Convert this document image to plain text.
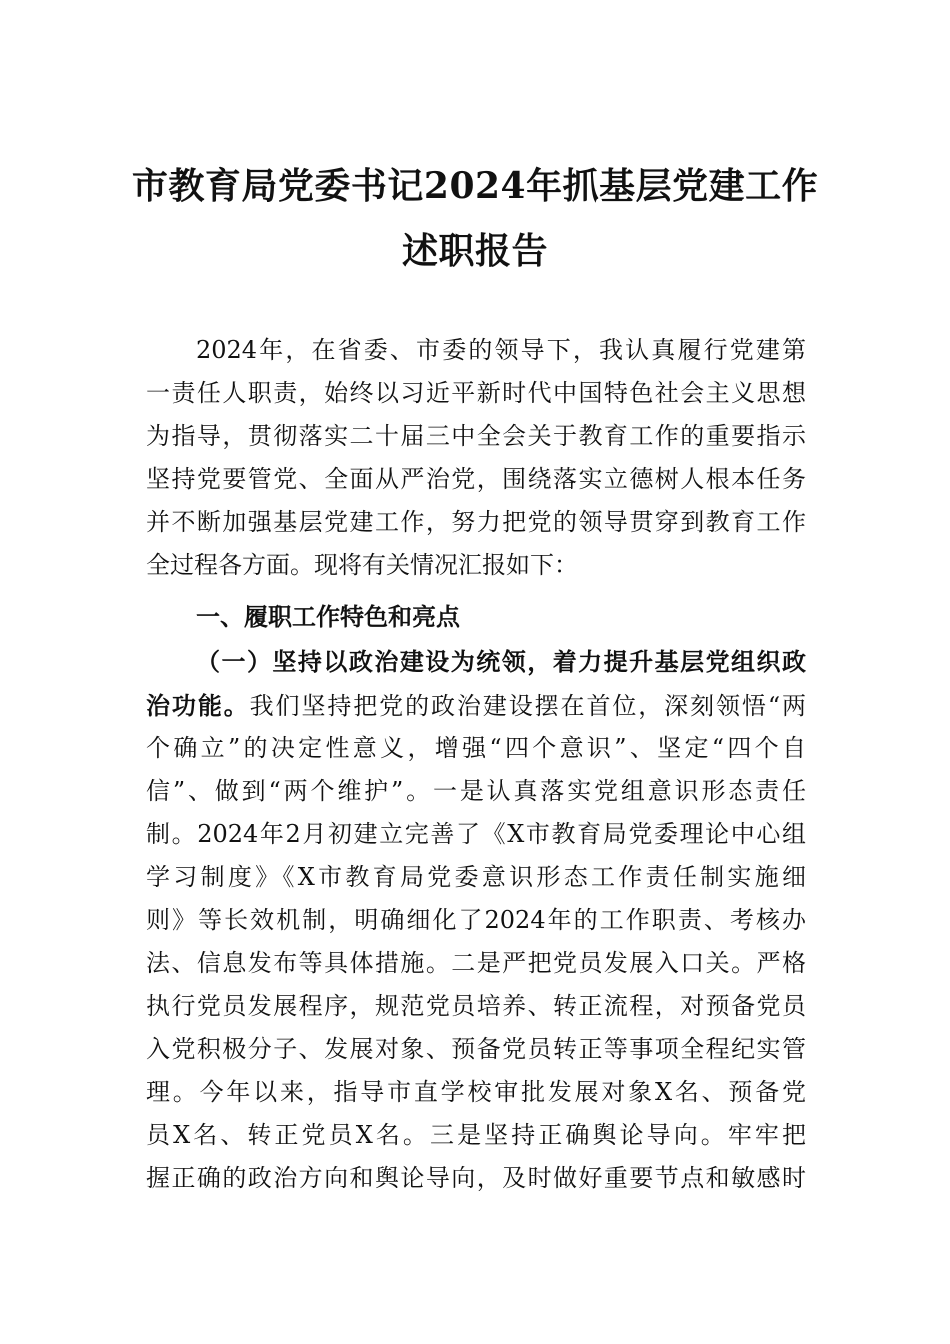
市教育局党委书记2024年抓基层党建工作
述职报告
2024年，在省委、市委的领导下，我认真履行党建第
一责任人职责，始终以习近平新时代中国特色社会主义思想
为指导，贯彻落实二十届三中全会关于教育工作的重要指示
坚持党要管党、全面从严治党，围绕落实立德树人根本任务
并不断加强基层党建工作，努力把党的领导贯穿到教育工作
全过程各方面。现将有关情况汇报如下：
一、履职工作特色和亮点
（一）坚持以政治建设为统领，着力提升基层党组织政
治功能。我们坚持把党的政治建设摆在首位，深刻领悟“两
个确立”的决定性意义，增强“四个意识”、坚定“四个自
信”、做到“两个维护”。一是认真落实党组意识形态责任
制。2024年2月初建立完善了《X市教育局党委理论中心组
学习制度》《X市教育局党委意识形态工作责任制实施细
则》等长效机制，明确细化了2024年的工作职责、考核办
法、信息发布等具体措施。二是严把党员发展入口关。严格
执行党员发展程序，规范党员培养、转正流程，对预备党员
入党积极分子、发展对象、预备党员转正等事项全程纪实管
理。今年以来，指导市直学校审批发展对象X名、预备党
员X名、转正党员X名。三是坚持正确舆论导向。牢牢把
握正确的政治方向和舆论导向，及时做好重要节点和敏感时
